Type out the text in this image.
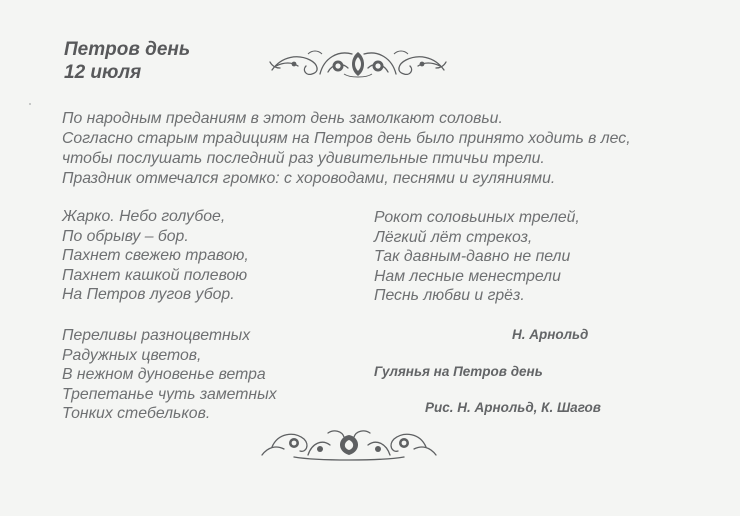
Петров день
12 июля
По народным преданиям в этот день замолкают соловьи.
Согласно старым традициям на Петров день было принято ходить в лес,
чтобы послушать последний раз удивительные птичьи трели.
Праздник отмечался громко: с хороводами, песнями и гуляниями.
Жарко. Небо голубое,
По обрыву – бор.
Пахнет свежею травою,
Пахнет кашкой полевою
На Петров лугов убор.
Переливы разноцветных
Радужных цветов,
В нежном дуновенье ветра
Трепетанье чуть заметных
Тонких стебельков.
Рокот соловьиных трелей,
Лёгкий лёт стрекоз,
Так давным-давно не пели
Нам лесные менестрели
Песнь любви и грёз.
Н. Арнольд
Гулянья на Петров день
Рис. Н. Арнольд, К. Шагов
